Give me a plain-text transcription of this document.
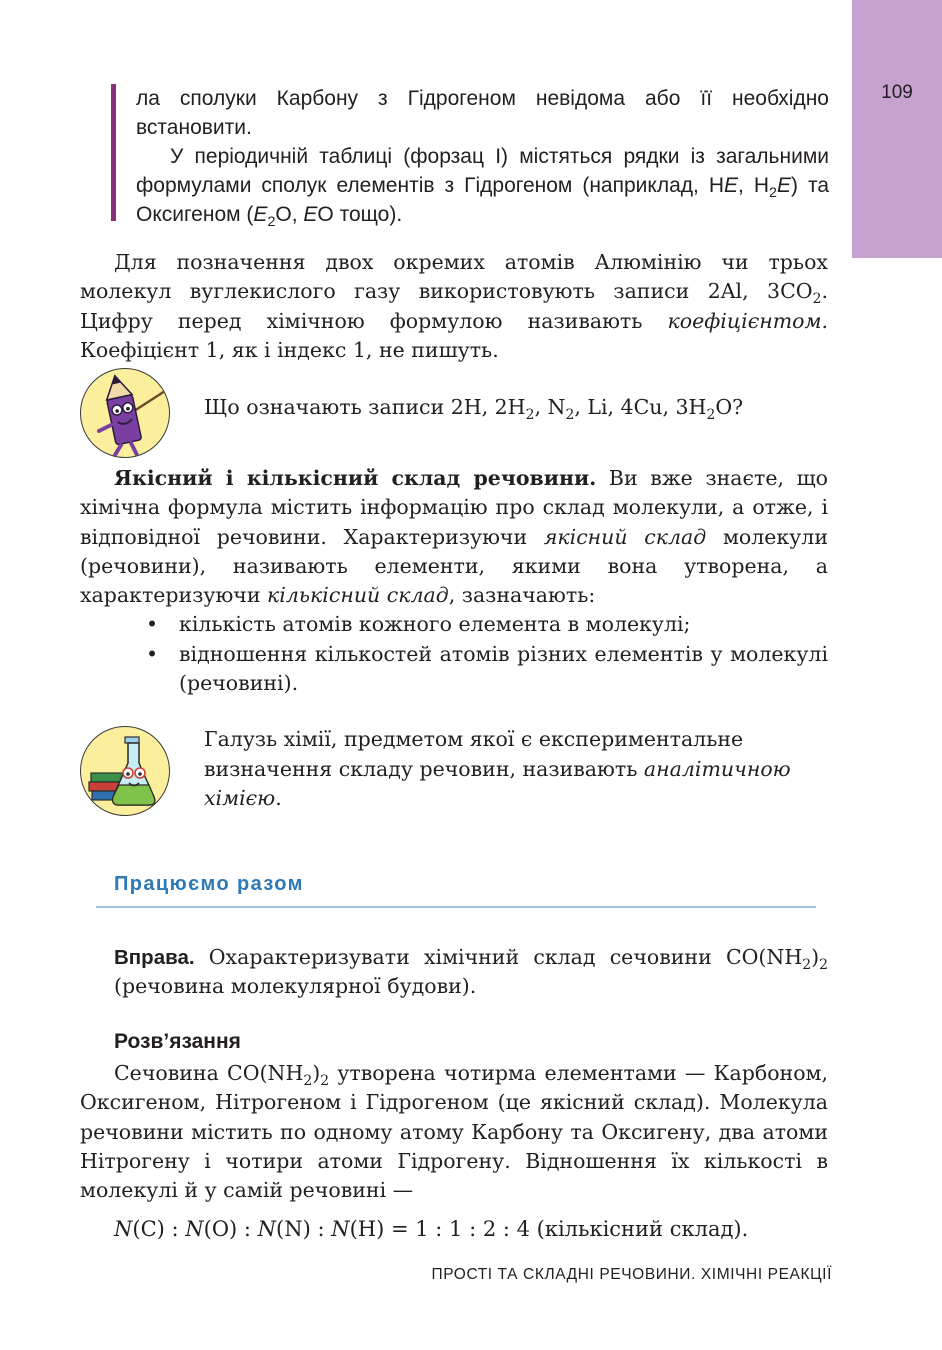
109

ла сполуки Карбону з Гідрогеном невідома або її необхідно встановити.

У періодичній таблиці (форзац І) містяться рядки із загальними формулами сполук елементів з Гідрогеном (наприклад, НE, $H_2E$) та Оксигеном ($E_2O$, EO тощо).

Для позначення двох окремих атомів Алюмінію чи трьох молекул вуглекислого газу використовують записи 2Al, $3CO_2$. Цифру перед хімічною формулою називають коефіцієнтом. Коефіцієнт 1, як і індекс 1, не пишуть.

Що означають записи 2H, $2H_2$, $N_2$, Li, 4Cu, $3H_2O$?

Якісний і кількісний склад речовини. Ви вже знаєте, що хімічна формула містить інформацію про склад молекули, а отже, і відповідної речовини. Характеризуючи якісний склад молекули (речовини), називають елементи, якими вона утворена, а характеризуючи кількісний склад, зазначають:

• кількість атомів кожного елемента в молекулі;
• відношення кількостей атомів різних елементів у молекулі (речовині).
Галузь хімії, предметом якої є експериментальне визначення складу речовин, називають аналітичною хімією.
Працюємо разом

Вправа. Охарактеризувати хімічний склад сечовини $CO(NH_2)_2$ (речовина молекулярної будови).

Розв’язання

Сечовина $CO(NH_2)_2$ утворена чотирма елементами — Карбоном, Оксигеном, Нітрогеном і Гідрогеном (це якісний склад). Молекула речовини містить по одному атому Карбону та Оксигену, два атоми Нітрогену і чотири атоми Гідрогену. Відношення їх кількості в молекулі й у самій речовині —

N(C) : N(O) : N(N) : N(H) = 1 : 1 : 2 : 4 (кількісний склад).
ПРОСТІ ТА СКЛАДНІ РЕЧОВИНИ. ХІМІЧНІ РЕАКЦІЇ
